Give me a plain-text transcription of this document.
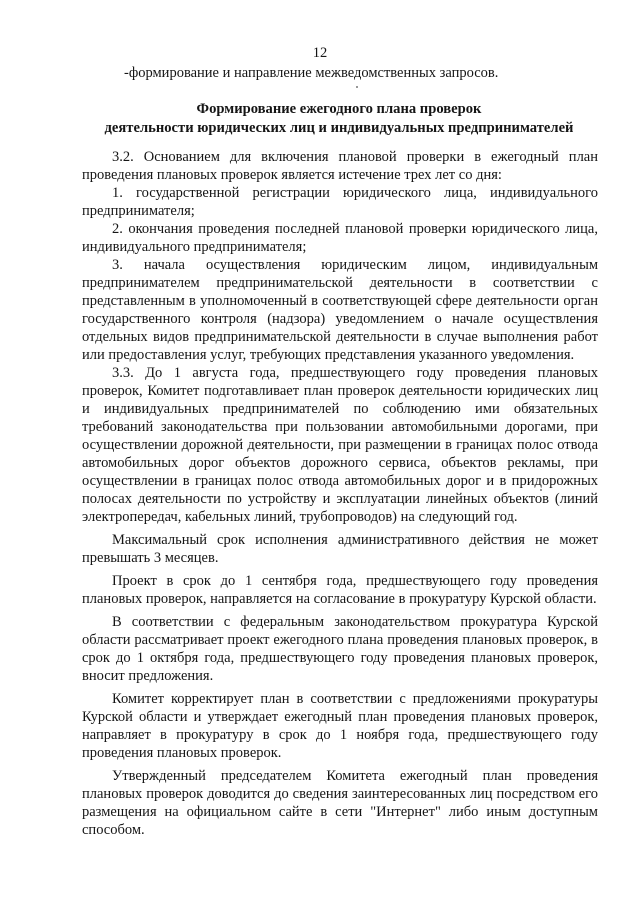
12
-формирование и направление межведомственных запросов.
Формирование ежегодного плана проверок
деятельности юридических лиц и индивидуальных предпринимателей

3.2. Основанием для включения плановой проверки в ежегодный план проведения плановых проверок является истечение трех лет со дня:

1. государственной регистрации юридического лица, индивидуального предпринимателя;

2. окончания проведения последней плановой проверки юридического лица, индивидуального предпринимателя;

3. начала осуществления юридическим лицом, индивидуальным предпринимателем предпринимательской деятельности в соответствии с представленным в уполномоченный в соответствующей сфере деятельности орган государственного контроля (надзора) уведомлением о начале осуществления отдельных видов предпринимательской деятельности в случае выполнения работ или предоставления услуг, требующих представления указанного уведомления.

3.3. До 1 августа года, предшествующего году проведения плановых проверок, Комитет подготавливает план проверок деятельности юридических лиц и индивидуальных предпринимателей по соблюдению ими обязательных требований законодательства при пользовании автомобильными дорогами, при осуществлении дорожной деятельности, при размещении в границах полос отвода автомобильных дорог объектов дорожного сервиса, объектов рекламы, при осуществлении в границах полос отвода автомобильных дорог и в придорожных полосах деятельности по устройству и эксплуатации линейных объектов (линий электропередач, кабельных линий, трубопроводов) на следующий год.

Максимальный срок исполнения административного действия не может превышать 3 месяцев.

Проект в срок до 1 сентября года, предшествующего году проведения плановых проверок, направляется на согласование в прокуратуру Курской области.

В соответствии с федеральным законодательством прокуратура Курской области рассматривает проект ежегодного плана проведения плановых проверок, в срок до 1 октября года, предшествующего году проведения плановых проверок, вносит предложения.

Комитет корректирует план в соответствии с предложениями прокуратуры Курской области и утверждает ежегодный план проведения плановых проверок, направляет в прокуратуру в срок до 1 ноября года, предшествующего году проведения плановых проверок.

Утвержденный председателем Комитета ежегодный план проведения плановых проверок доводится до сведения заинтересованных лиц посредством его размещения на официальном сайте в сети "Интернет" либо иным доступным способом.
